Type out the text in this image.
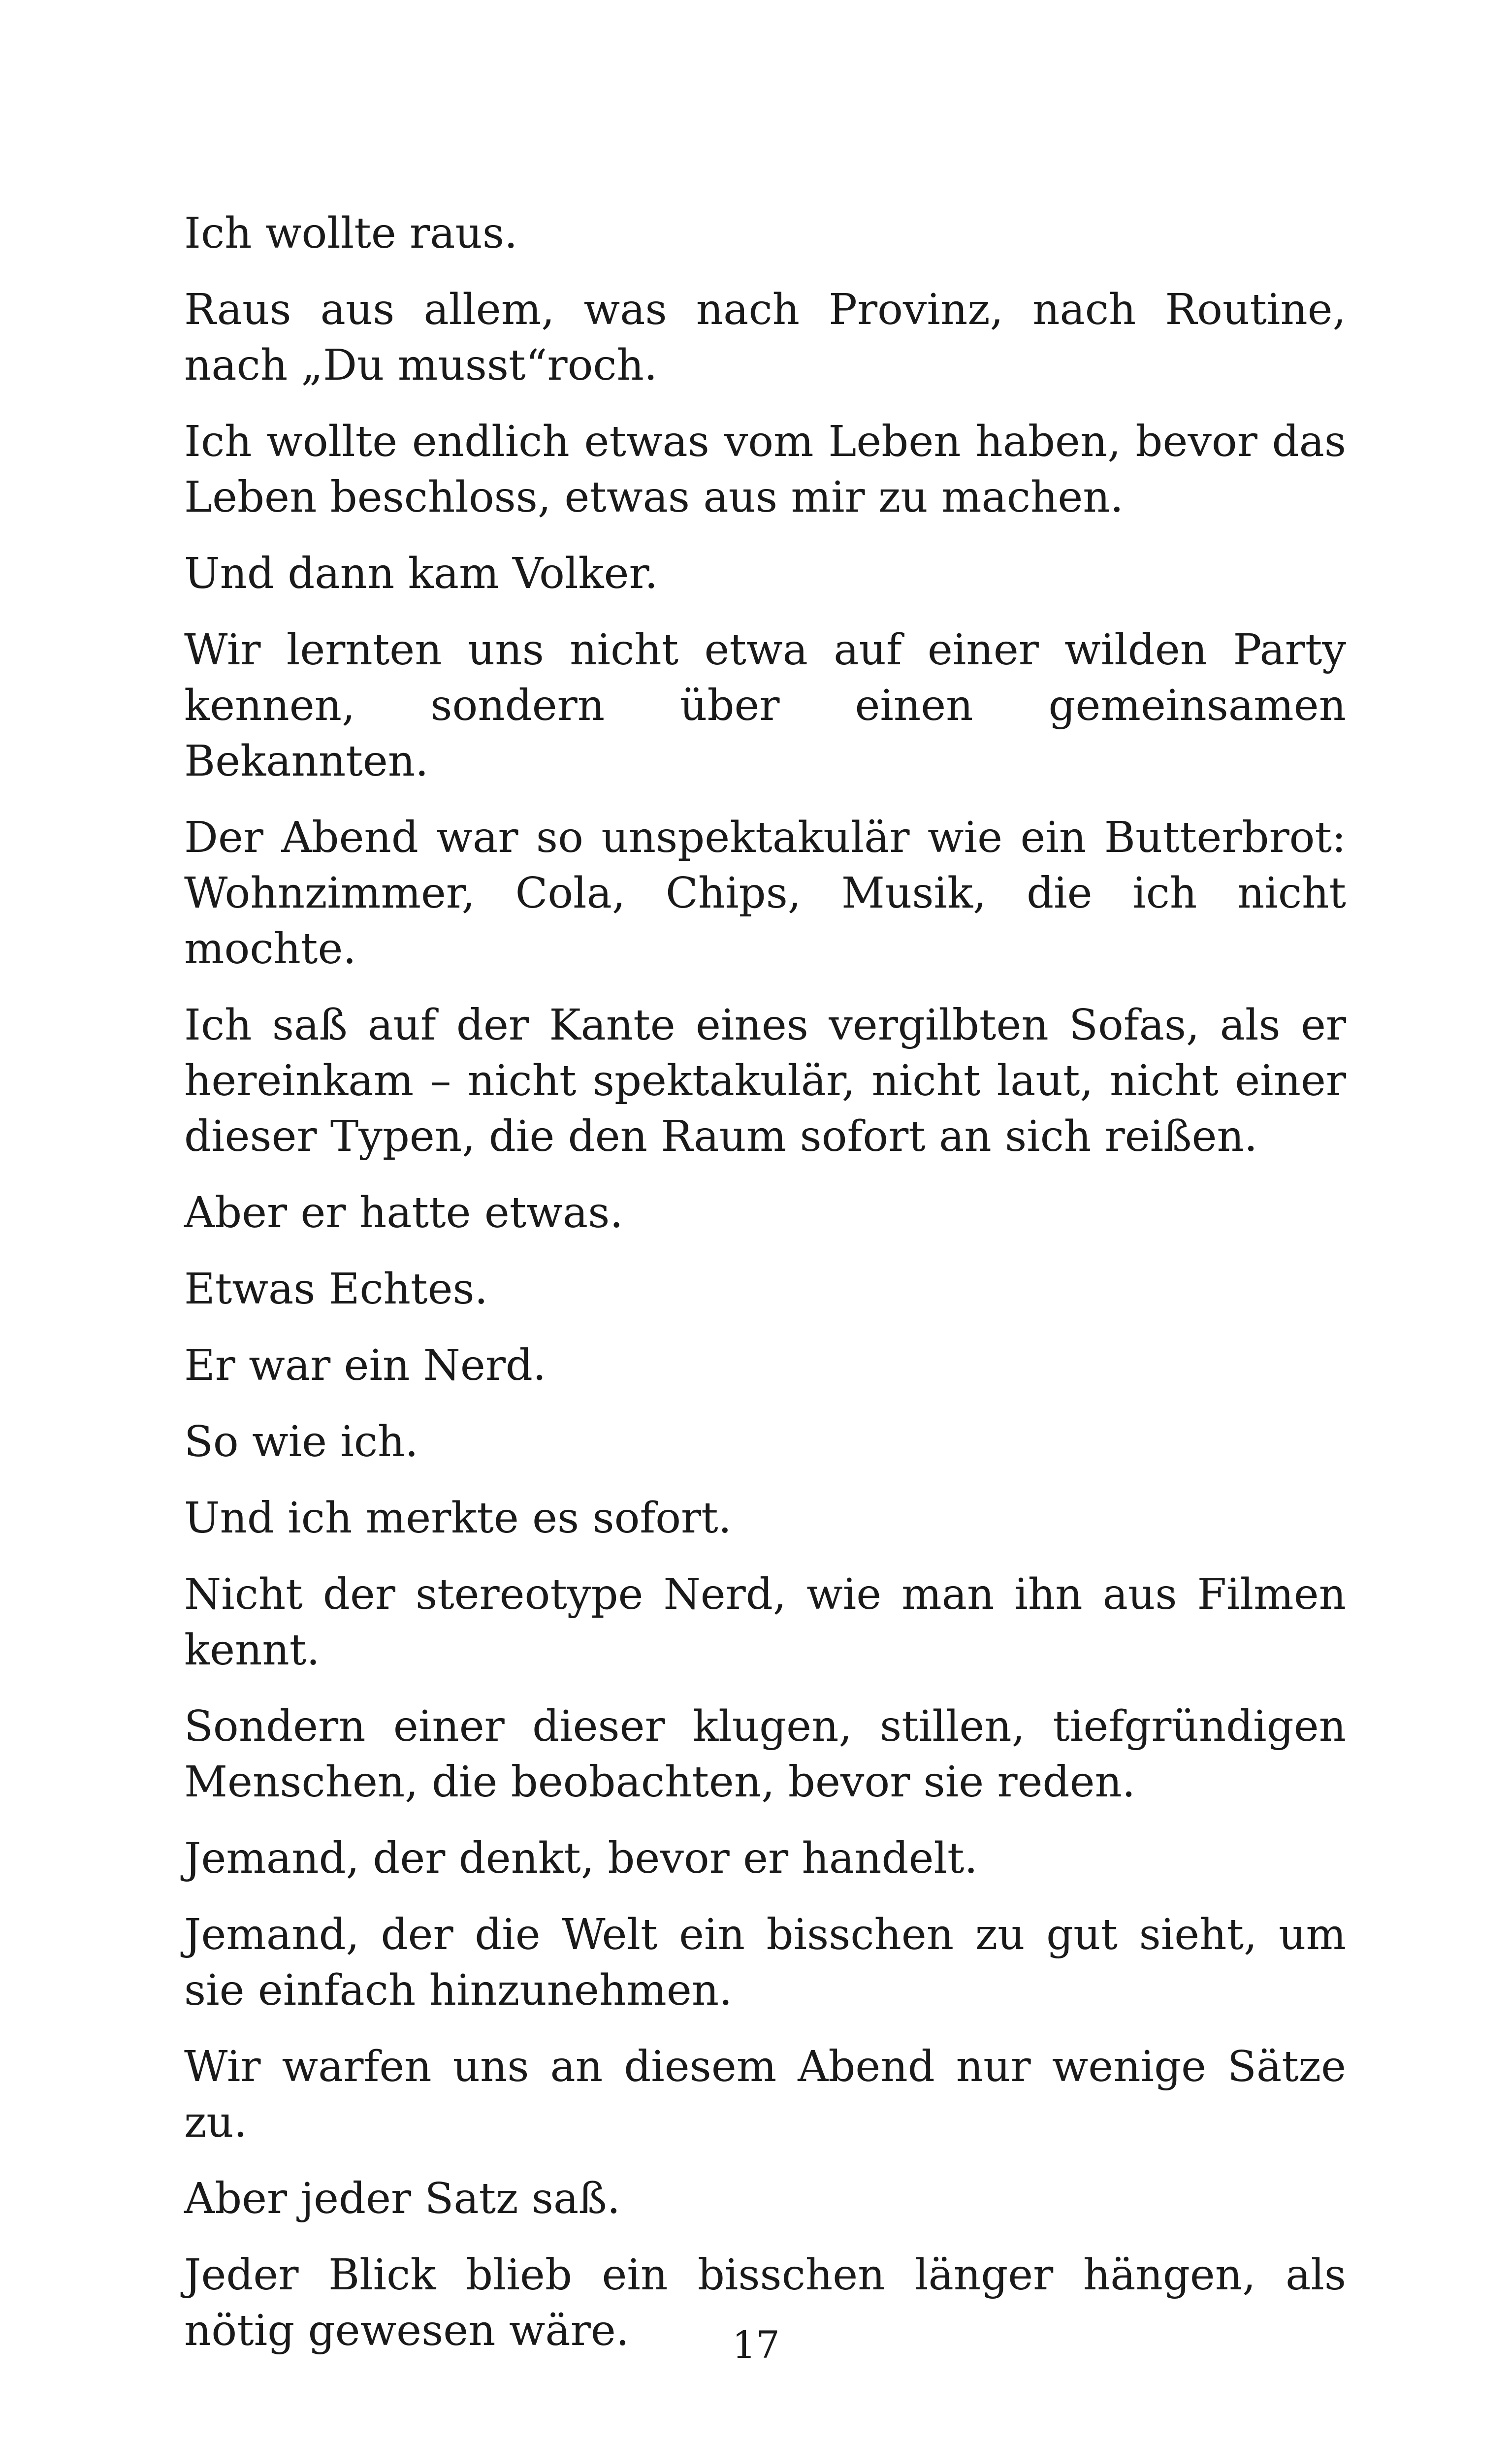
Ich wollte raus.

Raus aus allem, was nach Provinz, nach Routine, nach „Du musst“roch.

Ich wollte endlich etwas vom Leben haben, bevor das Leben beschloss, etwas aus mir zu machen.

Und dann kam Volker.

Wir lernten uns nicht etwa auf einer wilden Party kennen, sondern über einen gemeinsamen Bekannten.

Der Abend war so unspektakulär wie ein Butterbrot: Wohnzimmer, Cola, Chips, Musik, die ich nicht mochte.

Ich saß auf der Kante eines vergilbten Sofas, als er hereinkam – nicht spektakulär, nicht laut, nicht einer dieser Typen, die den Raum sofort an sich reißen.

Aber er hatte etwas.

Etwas Echtes.

Er war ein Nerd.

So wie ich.

Und ich merkte es sofort.

Nicht der stereotype Nerd, wie man ihn aus Filmen kennt.

Sondern einer dieser klugen, stillen, tiefgründigen Menschen, die beobachten, bevor sie reden.

Jemand, der denkt, bevor er handelt.

Jemand, der die Welt ein bisschen zu gut sieht, um sie einfach hinzunehmen.

Wir warfen uns an diesem Abend nur wenige Sätze zu.

Aber jeder Satz saß.

Jeder Blick blieb ein bisschen länger hängen, als nötig gewesen wäre.	17
